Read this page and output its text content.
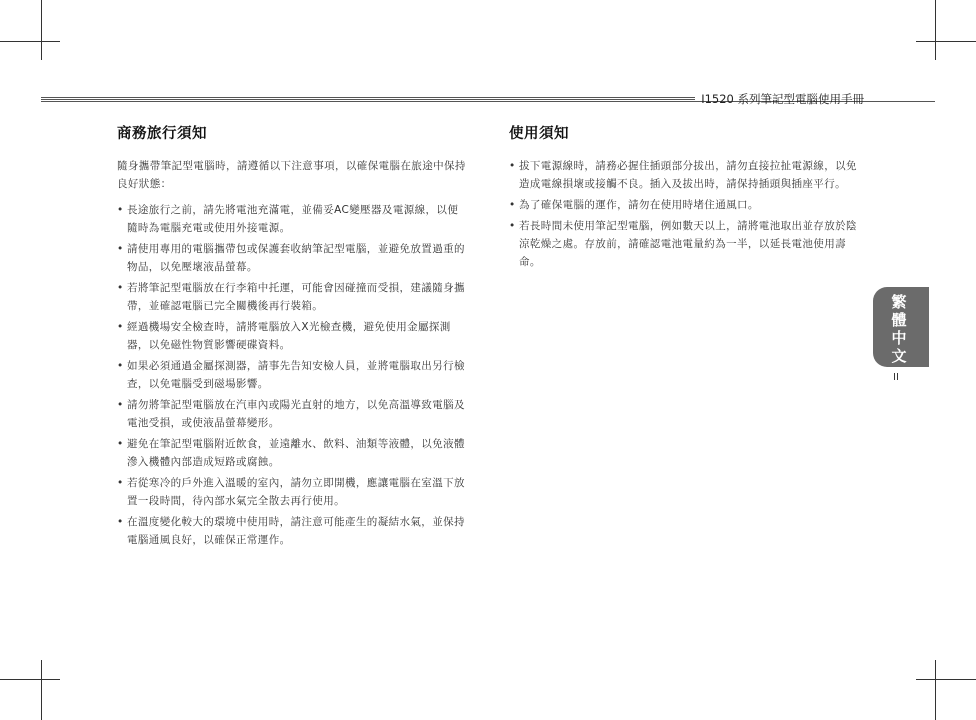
I1520 系列筆記型電腦使用手冊
商務旅行須知
隨身攜帶筆記型電腦時，請遵循以下注意事項，以確保電腦在旅途中保持良好狀態：
• 長途旅行之前，請先將電池充滿電，並備妥AC變壓器及電源線，以便隨時為電腦充電或使用外接電源。
• 請使用專用的電腦攜帶包或保護套收納筆記型電腦，並避免放置過重的物品，以免壓壞液晶螢幕。
• 若將筆記型電腦放在行李箱中托運，可能會因碰撞而受損，建議隨身攜帶，並確認電腦已完全關機後再行裝箱。
• 經過機場安全檢查時，請將電腦放入X光檢查機，避免使用金屬探測器，以免磁性物質影響硬碟資料。
• 如果必須通過金屬探測器，請事先告知安檢人員，並將電腦取出另行檢查，以免電腦受到磁場影響。
• 請勿將筆記型電腦放在汽車內或陽光直射的地方，以免高溫導致電腦及電池受損，或使液晶螢幕變形。
• 避免在筆記型電腦附近飲食，並遠離水、飲料、油類等液體，以免液體滲入機體內部造成短路或腐蝕。
• 若從寒冷的戶外進入溫暖的室內，請勿立即開機，應讓電腦在室溫下放置一段時間，待內部水氣完全散去再行使用。
• 在溫度變化較大的環境中使用時，請注意可能產生的凝結水氣，並保持電腦通風良好，以確保正常運作。
使用須知
• 拔下電源線時，請務必握住插頭部分拔出，請勿直接拉扯電源線，以免造成電線損壞或接觸不良。插入及拔出時，請保持插頭與插座平行。
• 為了確保電腦的運作，請勿在使用時堵住通風口。
• 若長時間未使用筆記型電腦，例如數天以上，請將電池取出並存放於陰涼乾燥之處。存放前，請確認電池電量約為一半，以延長電池使用壽命。
繁體中文
II
